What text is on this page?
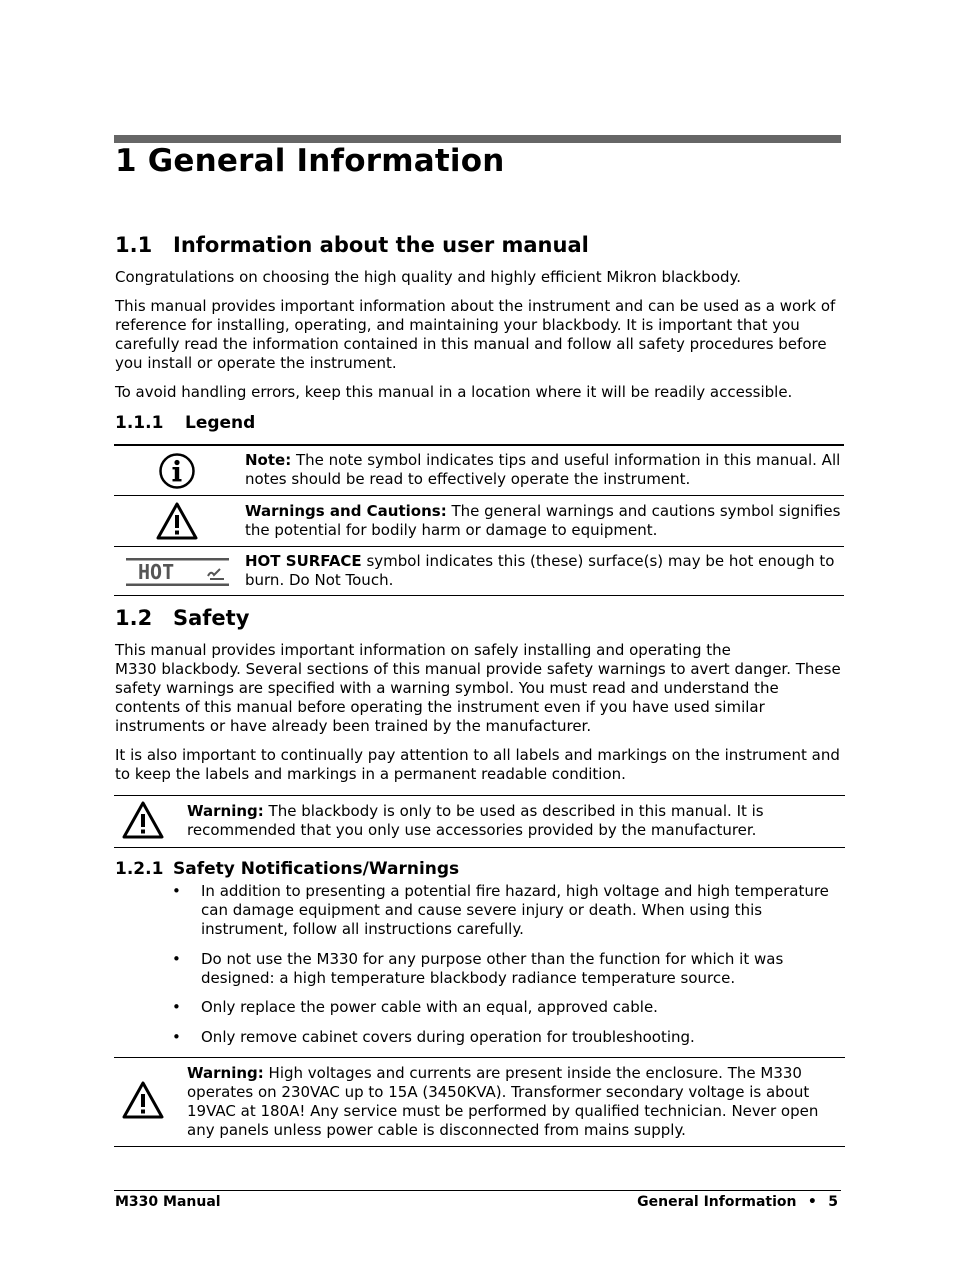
1 General Information
1.1 Information about the user manual
Congratulations on choosing the high quality and highly efficient Mikron blackbody.
This manual provides important information about the instrument and can be used as a work of
reference for installing, operating, and maintaining your blackbody. It is important that you
carefully read the information contained in this manual and follow all safety procedures before
you install or operate the instrument.
To avoid handling errors, keep this manual in a location where it will be readily accessible.
1.1.1 Legend
Note: The note symbol indicates tips and useful information in this manual. All
notes should be read to effectively operate the instrument.
Warnings and Cautions: The general warnings and cautions symbol signifies
the potential for bodily harm or damage to equipment.
HOT	HOT SURFACE symbol indicates this (these) surface(s) may be hot enough to
burn. Do Not Touch.
1.2 Safety
This manual provides important information on safely installing and operating the
M330 blackbody. Several sections of this manual provide safety warnings to avert danger. These
safety warnings are specified with a warning symbol. You must read and understand the
contents of this manual before operating the instrument even if you have used similar
instruments or have already been trained by the manufacturer.
It is also important to continually pay attention to all labels and markings on the instrument and
to keep the labels and markings in a permanent readable condition.
Warning: The blackbody is only to be used as described in this manual. It is
recommended that you only use accessories provided by the manufacturer.
1.2.1 Safety Notifications/Warnings
• In addition to presenting a potential fire hazard, high voltage and high temperature
can damage equipment and cause severe injury or death. When using this
instrument, follow all instructions carefully.
• Do not use the M330 for any purpose other than the function for which it was
designed: a high temperature blackbody radiance temperature source.
• Only replace the power cable with an equal, approved cable.
• Only remove cabinet covers during operation for troubleshooting.
Warning: High voltages and currents are present inside the enclosure. The M330
operates on 230VAC up to 15A (3450KVA). Transformer secondary voltage is about
19VAC at 180A! Any service must be performed by qualified technician. Never open
any panels unless power cable is disconnected from mains supply.
M330 Manual	General Information • 5
